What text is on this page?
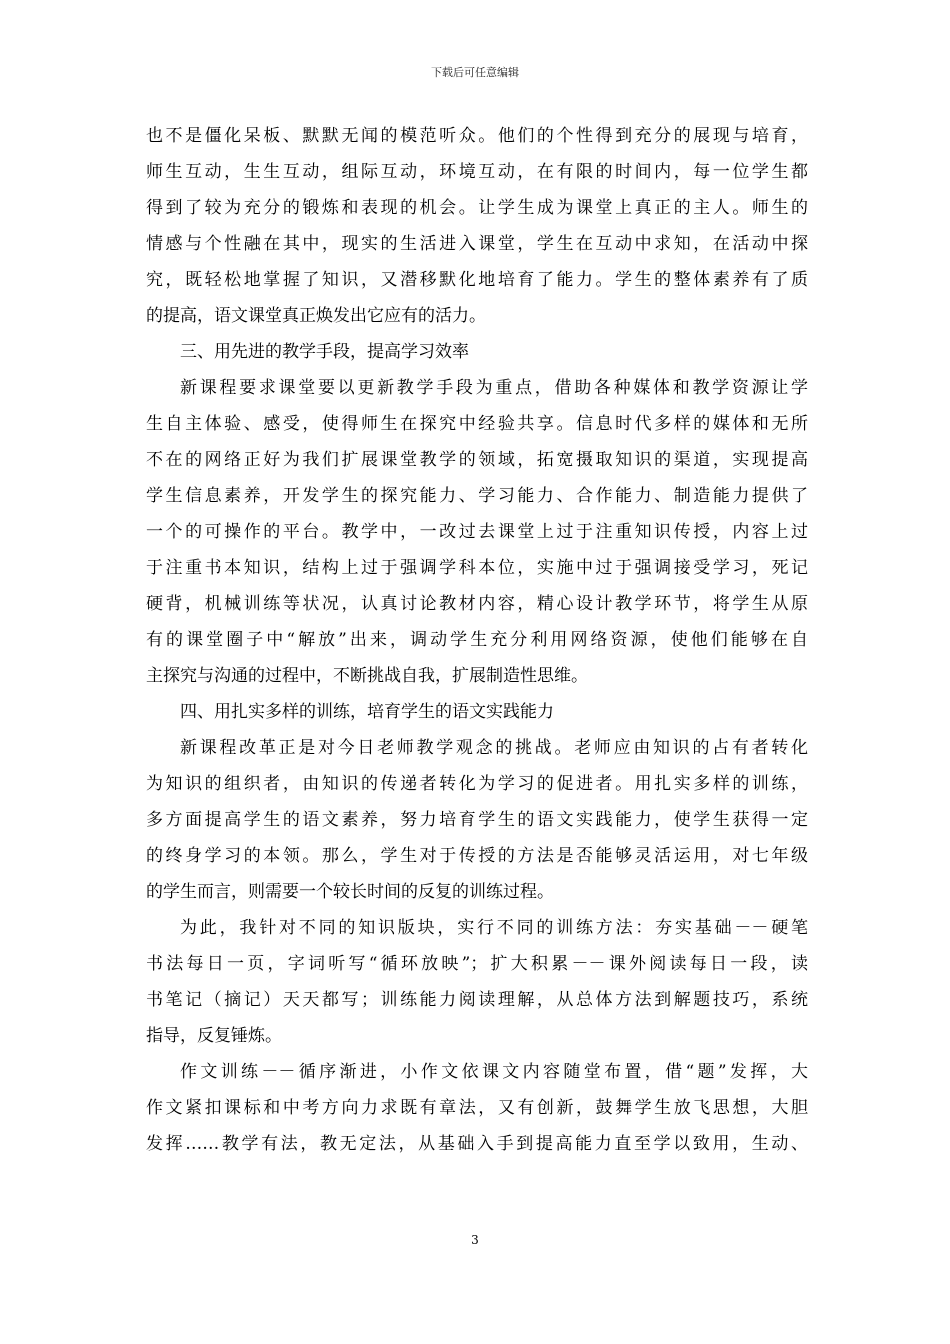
下载后可任意编辑
也不是僵化呆板、默默无闻的模范听众。他们的个性得到充分的展现与培育，
师生互动，生生互动，组际互动，环境互动，在有限的时间内，每一位学生都
得到了较为充分的锻炼和表现的机会。让学生成为课堂上真正的主人。师生的
情感与个性融在其中，现实的生活进入课堂，学生在互动中求知，在活动中探
究，既轻松地掌握了知识，又潜移默化地培育了能力。学生的整体素养有了质
的提高，语文课堂真正焕发出它应有的活力。
三、用先进的教学手段，提高学习效率
新课程要求课堂要以更新教学手段为重点，借助各种媒体和教学资源让学
生自主体验、感受，使得师生在探究中经验共享。信息时代多样的媒体和无所
不在的网络正好为我们扩展课堂教学的领域，拓宽摄取知识的渠道，实现提高
学生信息素养，开发学生的探究能力、学习能力、合作能力、制造能力提供了
一个的可操作的平台。教学中，一改过去课堂上过于注重知识传授，内容上过
于注重书本知识，结构上过于强调学科本位，实施中过于强调接受学习，死记
硬背，机械训练等状况，认真讨论教材内容，精心设计教学环节，将学生从原
有的课堂圈子中“解放”出来，调动学生充分利用网络资源，使他们能够在自
主探究与沟通的过程中，不断挑战自我，扩展制造性思维。
四、用扎实多样的训练，培育学生的语文实践能力
新课程改革正是对今日老师教学观念的挑战。老师应由知识的占有者转化
为知识的组织者，由知识的传递者转化为学习的促进者。用扎实多样的训练，
多方面提高学生的语文素养，努力培育学生的语文实践能力，使学生获得一定
的终身学习的本领。那么，学生对于传授的方法是否能够灵活运用，对七年级
的学生而言，则需要一个较长时间的反复的训练过程。
为此，我针对不同的知识版块，实行不同的训练方法：夯实基础－－硬笔
书法每日一页，字词听写“循环放映”；扩大积累－－课外阅读每日一段，读
书笔记（摘记）天天都写；训练能力阅读理解，从总体方法到解题技巧，系统
指导，反复锤炼。
作文训练－－循序渐进，小作文依课文内容随堂布置，借“题”发挥，大
作文紧扣课标和中考方向力求既有章法，又有创新，鼓舞学生放飞思想，大胆
发挥……教学有法，教无定法，从基础入手到提高能力直至学以致用，生动、
3
